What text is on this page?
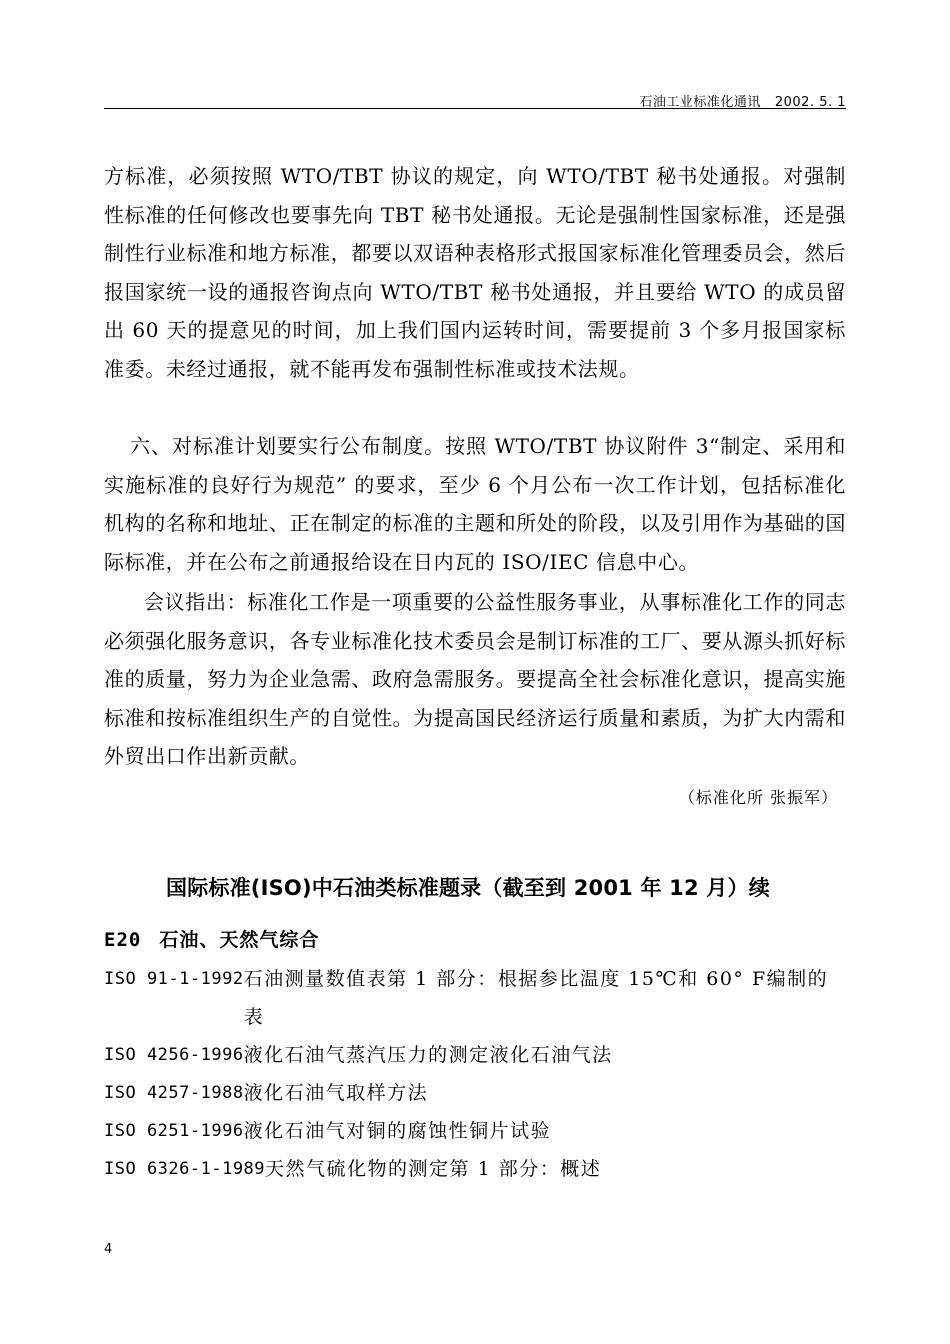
石油工业标准化通讯 2002. 5. 1

方标准，必须按照 WTO/TBT 协议的规定，向 WTO/TBT 秘书处通报。对强制性标准的任何修改也要事先向 TBT 秘书处通报。无论是强制性国家标准，还是强制性行业标准和地方标准，都要以双语种表格形式报国家标准化管理委员会，然后报国家统一设的通报咨询点向 WTO/TBT 秘书处通报，并且要给 WTO 的成员留出 60 天的提意见的时间，加上我们国内运转时间，需要提前 3 个多月报国家标准委。未经过通报，就不能再发布强制性标准或技术法规。

六、对标准计划要实行公布制度。按照 WTO/TBT 协议附件 3“制定、采用和实施标准的良好行为规范” 的要求，至少 6 个月公布一次工作计划，包括标准化机构的名称和地址、正在制定的标准的主题和所处的阶段，以及引用作为基础的国际标准，并在公布之前通报给设在日内瓦的 ISO/IEC 信息中心。

会议指出：标准化工作是一项重要的公益性服务事业，从事标准化工作的同志必须强化服务意识，各专业标准化技术委员会是制订标准的工厂、要从源头抓好标准的质量，努力为企业急需、政府急需服务。要提高全社会标准化意识，提高实施标准和按标准组织生产的自觉性。为提高国民经济运行质量和素质，为扩大内需和外贸出口作出新贡献。

（标准化所 张振军）
国际标准(ISO)中石油类标准题录（截至到 2001 年 12 月）续
E20 石油、天然气综合
ISO 91-1-1992 石油测量数值表第 1 部分：根据参比温度 15℃和 60° F编制的表
ISO 4256-1996 液化石油气蒸汽压力的测定液化石油气法
ISO 4257-1988 液化石油气取样方法
ISO 6251-1996 液化石油气对铜的腐蚀性铜片试验
ISO 6326-1-1989 天然气硫化物的测定第 1 部分：概述
4
